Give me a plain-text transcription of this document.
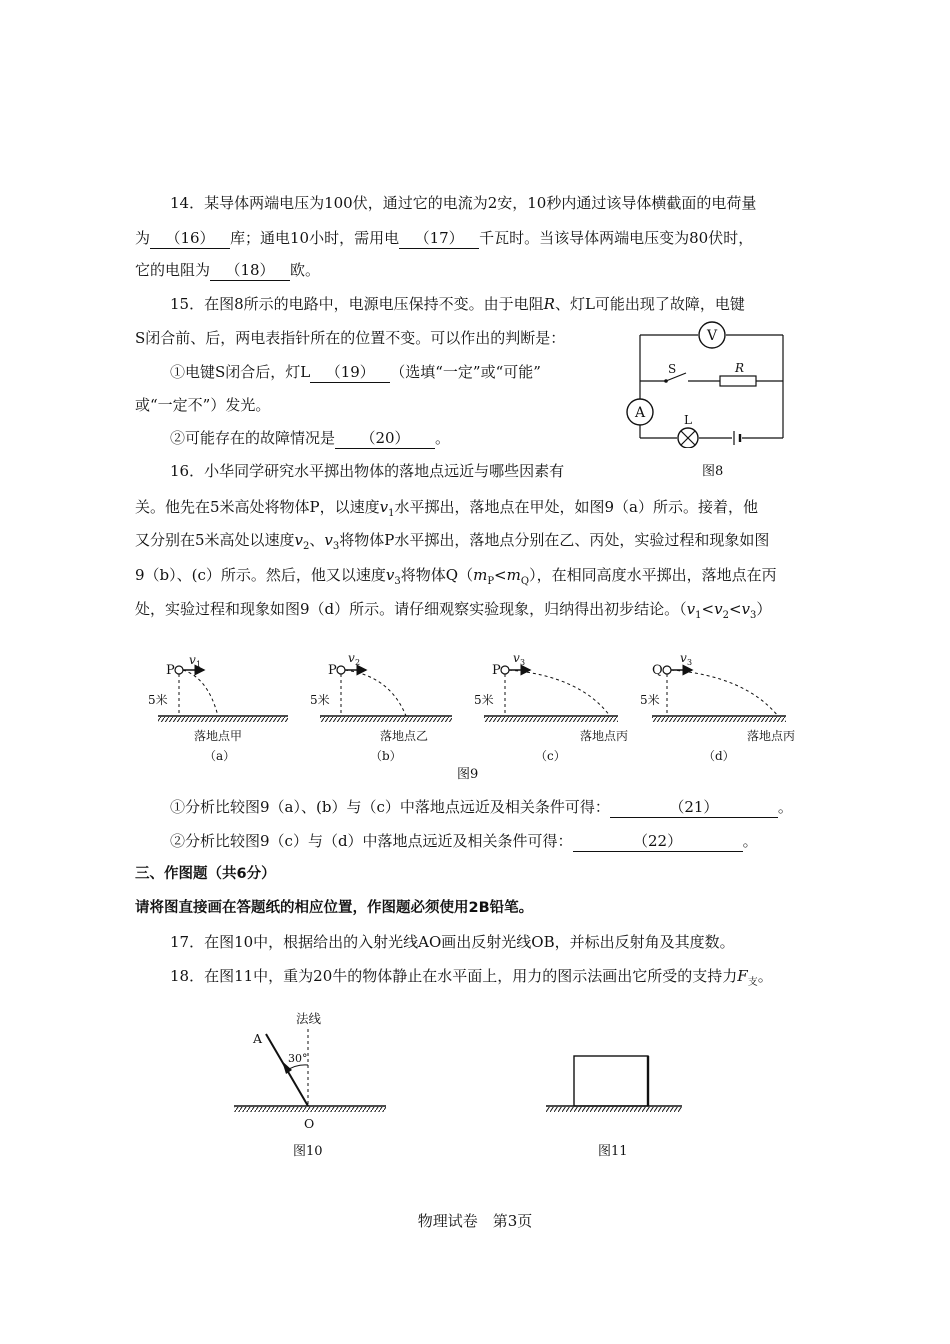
14．某导体两端电压为100伏，通过它的电流为2安，10秒内通过该导体横截面的电荷量
为 （16） 库；通电10小时，需用电 （17） 千瓦时。当该导体两端电压变为80伏时，
它的电阻为 （18） 欧。
15．在图8所示的电路中，电源电压保持不变。由于电阻R、灯L可能出现了故障，电键
S闭合前、后，两电表指针所在的位置不变。可以作出的判断是：
①电键S闭合后，灯L （19） （选填“一定”或“可能”
或“一定不”）发光。
②可能存在的故障情况是 （20） 。
V
A
S	R
L
图8
16．小华同学研究水平掷出物体的落地点远近与哪些因素有
关。他先在5米高处将物体P，以速度$v_1$水平掷出，落地点在甲处，如图9（a）所示。接着，他
又分别在5米高处以速度$v_2$、$v_3$将物体P水平掷出，落地点分别在乙、丙处，实验过程和现象如图
9（b）、(c）所示。然后，他又以速度$v_3$将物体$Q(m_P<m_Q)$，在相同高度水平掷出，落地点在丙
处，实验过程和现象如图9（d）所示。请仔细观察实验现象，归纳得出初步结论。$(v_1<v_2<v_3)$
P
v 1
5米
落地点甲
（a）
P
v 2
5米
落地点乙
（b）
P
v 3
5米
落地点丙
（c）
Q
v 3
5米
落地点丙
（d）
图9
①分析比较图9（a）、(b）与（c）中落地点远近及相关条件可得：	（21）	。
②分析比较图9（c）与（d）中落地点远近及相关条件可得：	（22）	。
三、作图题（共6分）
请将图直接画在答题纸的相应位置，作图题必须使用2B铅笔。
17．在图10中，根据给出的入射光线AO画出反射光线OB，并标出反射角及其度数。
18．在图11中，重为20牛的物体静止在水平面上，用力的图示法画出它所受的支持力$F_支$。
法线
A
30°
O
图10	图11
物理试卷　第3页
